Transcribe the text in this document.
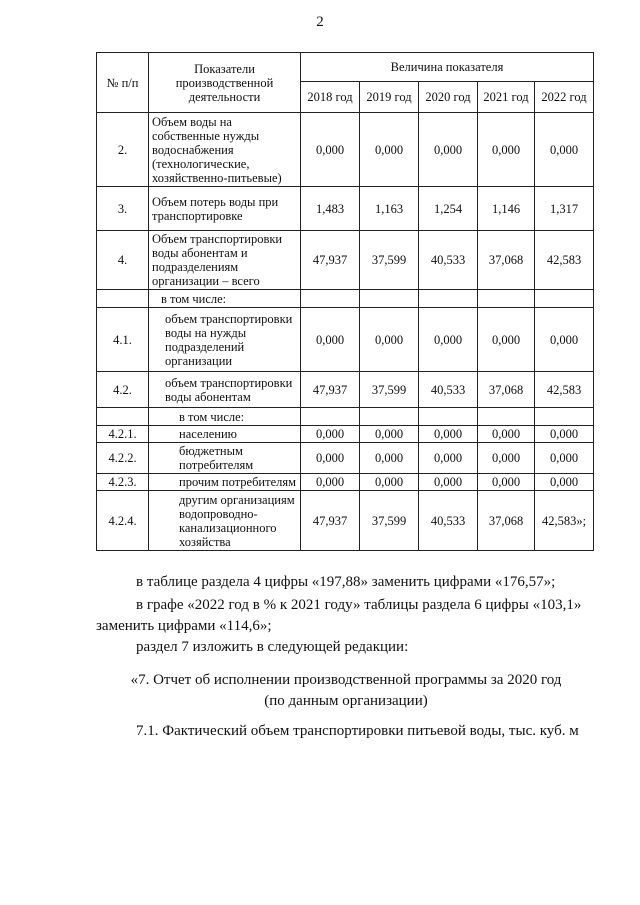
2
№ п/п	Показатели производственной деятельности	Величина показателя				
		2018 год	2019 год	2020 год	2021 год	2022 год
2.	Объем воды на собственные нужды водоснабжения (технологические, хозяйственно-питьевые)	0,000	0,000	0,000	0,000	0,000
3.	Объем потерь воды при транспортировке	1,483	1,163	1,254	1,146	1,317
4.	Объем транспортировки воды абонентам и подразделениям организации – всего	47,937	37,599	40,533	37,068	42,583
	в том числе:					
4.1.	объем транспортировки воды на нужды подразделений организации	0,000	0,000	0,000	0,000	0,000
4.2.	объем транспортировки воды абонентам	47,937	37,599	40,533	37,068	42,583
	в том числе:					
4.2.1.	населению	0,000	0,000	0,000	0,000	0,000
4.2.2.	бюджетным потребителям	0,000	0,000	0,000	0,000	0,000
4.2.3.	прочим потребителям	0,000	0,000	0,000	0,000	0,000
4.2.4.	другим организациям водопроводно-канализационного хозяйства	47,937	37,599	40,533	37,068	42,583»;

в таблице раздела 4 цифры «197,88» заменить цифрами «176,57»;

в графе «2022 год в % к 2021 году» таблицы раздела 6 цифры «103,1» заменить цифрами «114,6»;

раздел 7 изложить в следующей редакции:

«7. Отчет об исполнении производственной программы за 2020 год

(по данным организации)

7.1. Фактический объем транспортировки питьевой воды, тыс. куб. м
